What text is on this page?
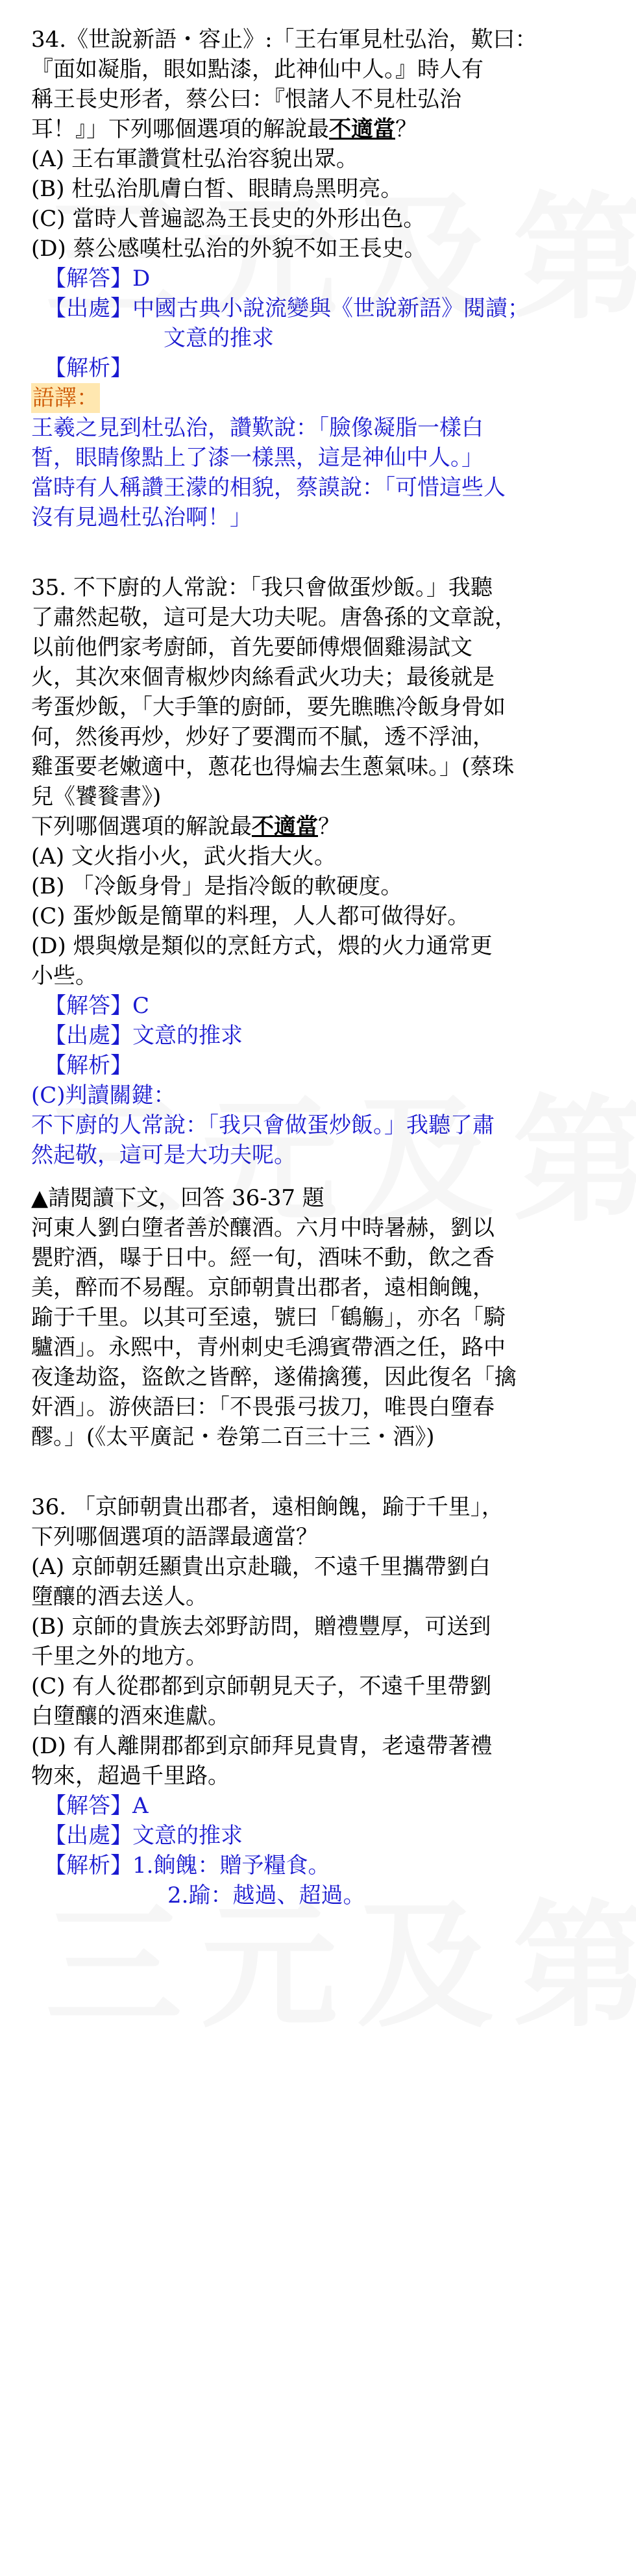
34.《世說新語・容止》:「王右軍見杜弘治，歎曰：
『面如凝脂，眼如點漆，此神仙中人。』時人有
稱王長史形者，蔡公曰：『恨諸人不見杜弘治
耳！』」下列哪個選項的解說最不適當？
(A) 王右軍讚賞杜弘治容貌出眾。
(B) 杜弘治肌膚白皙、眼睛烏黑明亮。
(C) 當時人普遍認為王長史的外形出色。
(D) 蔡公感嘆杜弘治的外貌不如王長史。
【解答】D
【出處】中國古典小說流變與《世說新語》閱讀；
文意的推求
【解析】
語譯：
王羲之見到杜弘治，讚歎說：「臉像凝脂一樣白
皙，眼睛像點上了漆一樣黑，這是神仙中人。」
當時有人稱讚王濛的相貌，蔡謨說：「可惜這些人
沒有見過杜弘治啊！」
35. 不下廚的人常說：「我只會做蛋炒飯。」我聽
了肅然起敬，這可是大功夫呢。唐魯孫的文章說，
以前他們家考廚師，首先要師傅煨個雞湯試文
火，其次來個青椒炒肉絲看武火功夫；最後就是
考蛋炒飯，「大手筆的廚師，要先瞧瞧冷飯身骨如
何，然後再炒，炒好了要潤而不膩，透不浮油，
雞蛋要老嫩適中，蔥花也得煸去生蔥氣味。」(蔡珠
兒《饕餮書》)
下列哪個選項的解說最不適當？
(A) 文火指小火，武火指大火。
(B) 「冷飯身骨」是指冷飯的軟硬度。
(C) 蛋炒飯是簡單的料理，人人都可做得好。
(D) 煨與燉是類似的烹飪方式，煨的火力通常更
小些。
【解答】C
【出處】文意的推求
【解析】
(C)判讀關鍵：
不下廚的人常說：「我只會做蛋炒飯。」我聽了肅
然起敬，這可是大功夫呢。
▲請閱讀下文，回答 36-37 題
河東人劉白墮者善於釀酒。六月中時暑赫，劉以
甖貯酒，曝于日中。經一旬，酒味不動，飲之香
美，醉而不易醒。京師朝貴出郡者，遠相餉餽，
踰于千里。以其可至遠，號曰「鶴觴」，亦名「騎
驢酒」。永熙中，青州刺史毛鴻賓帶酒之任，路中
夜逢劫盜，盜飲之皆醉，遂備擒獲，因此復名「擒
奸酒」。游俠語曰：「不畏張弓拔刀，唯畏白墮春
醪。」(《太平廣記・卷第二百三十三・酒》)
36. 「京師朝貴出郡者，遠相餉餽，踰于千里」，
下列哪個選項的語譯最適當？
(A) 京師朝廷顯貴出京赴職，不遠千里攜帶劉白
墮釀的酒去送人。
(B) 京師的貴族去郊野訪問，贈禮豐厚，可送到
千里之外的地方。
(C) 有人從郡都到京師朝見天子，不遠千里帶劉
白墮釀的酒來進獻。
(D) 有人離開郡都到京師拜見貴胄，老遠帶著禮
物來，超過千里路。
【解答】A
【出處】文意的推求
【解析】1.餉餽：贈予糧食。
2.踰：越過、超過。
